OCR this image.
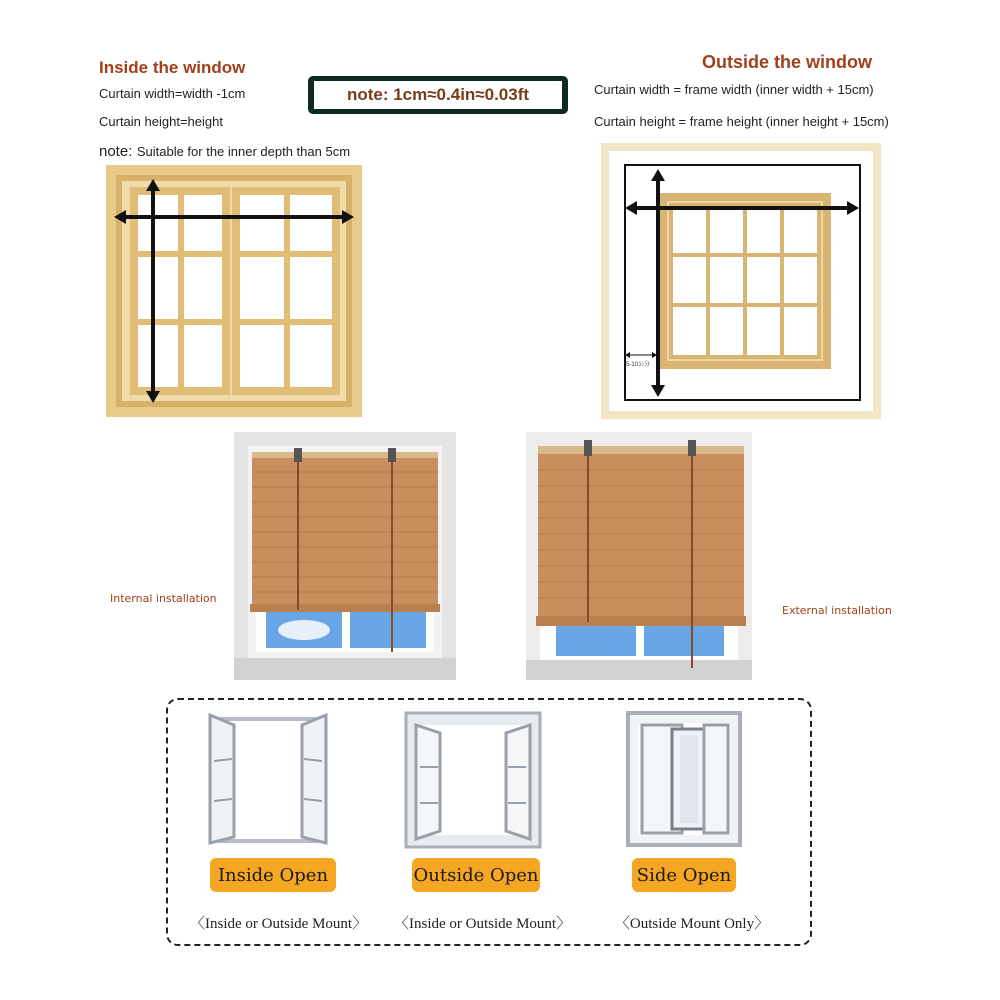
Inside the window
Curtain width=width -1cm
Curtain height=height
note: Suitable for the inner depth than 5cm
note: 1cm≈0.4in≈0.03ft
Outside the window
Curtain width = frame width (inner width + 15cm)
Curtain height = frame height (inner height + 15cm)
5-10公分
Internal installation
External installation
Inside Open
〈Inside or Outside Mount〉
Outside Open
〈Inside or Outside Mount〉
Side Open
〈Outside Mount Only〉
